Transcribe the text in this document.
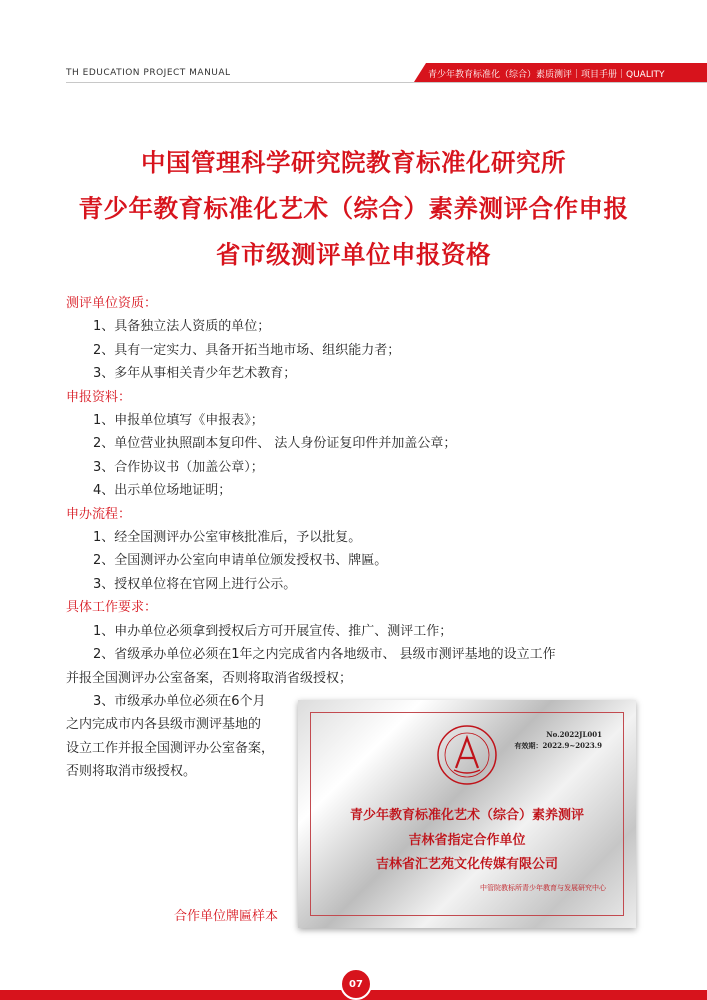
TH EDUCATION PROJECT MANUAL	青少年教育标准化（综合）素质测评｜项目手册｜QUALITY
中国管理科学研究院教育标准化研究所
青少年教育标准化艺术（综合）素养测评合作申报
省市级测评单位申报资格
测评单位资质：
1、具备独立法人资质的单位；
2、具有一定实力、具备开拓当地市场、组织能力者；
3、多年从事相关青少年艺术教育；
申报资料：
1、申报单位填写《申报表》；
2、单位营业执照副本复印件、 法人身份证复印件并加盖公章；
3、合作协议书（加盖公章）；
4、出示单位场地证明；
申办流程：
1、经全国测评办公室审核批准后，予以批复。
2、全国测评办公室向申请单位颁发授权书、牌匾。
3、授权单位将在官网上进行公示。
具体工作要求：
1、申办单位必须拿到授权后方可开展宣传、推广、测评工作；
2、省级承办单位必须在1年之内完成省内各地级市、 县级市测评基地的设立工作
并报全国测评办公室备案，否则将取消省级授权；
3、市级承办单位必须在6个月
之内完成市内各县级市测评基地的
设立工作并报全国测评办公室备案，
否则将取消市级授权。
No.2022JL001
有效期：2022.9~2023.9
青少年教育标准化艺术（综合）素养测评
吉林省指定合作单位
吉林省汇艺苑文化传媒有限公司
中管院教标所青少年教育与发展研究中心
合作单位牌匾样本
07
